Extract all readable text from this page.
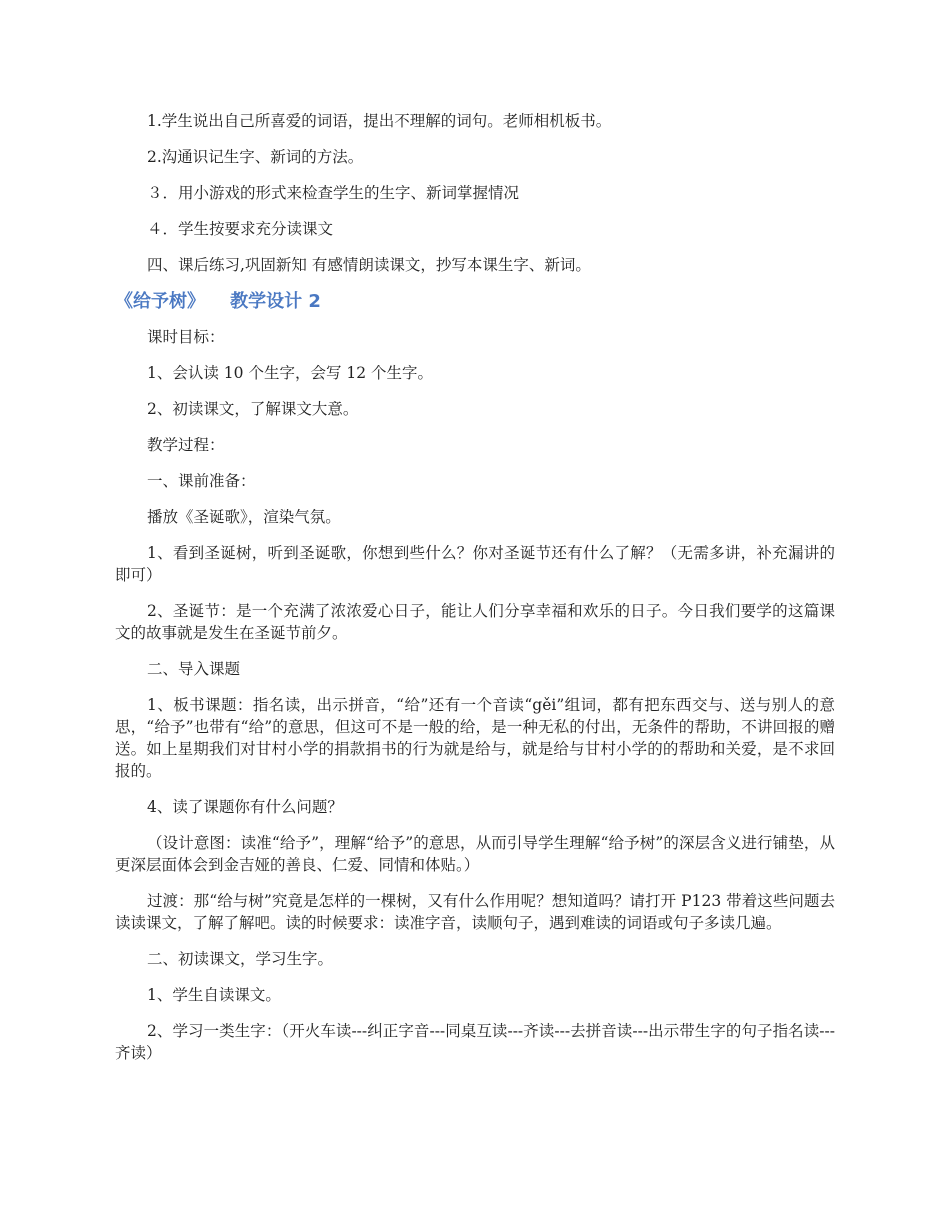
1.学生说出自己所喜爱的词语，提出不理解的词句。老师相机板书。

2.沟通识记生字、新词的方法。

３．用小游戏的形式来检查学生的生字、新词掌握情况

４．学生按要求充分读课文

四、课后练习,巩固新知 有感情朗读课文，抄写本课生字、新词。

《给予树》 教学设计 2

课时目标：

1、会认读 10 个生字，会写 12 个生字。

2、初读课文，了解课文大意。

教学过程：

一、课前准备：

播放《圣诞歌》，渲染气氛。

1、看到圣诞树，听到圣诞歌，你想到些什么？你对圣诞节还有什么了解？（无需多讲，补充漏讲的即可）

2、圣诞节：是一个充满了浓浓爱心日子，能让人们分享幸福和欢乐的日子。今日我们要学的这篇课文的故事就是发生在圣诞节前夕。

二、导入课题

1、板书课题：指名读，出示拼音，“给”还有一个音读“gěi”组词，都有把东西交与、送与别人的意思，“给予”也带有“给”的意思，但这可不是一般的给，是一种无私的付出，无条件的帮助，不讲回报的赠送。如上星期我们对甘村小学的捐款捐书的行为就是给与，就是给与甘村小学的的帮助和关爱，是不求回报的。

4、读了课题你有什么问题？

（设计意图：读准“给予”，理解“给予”的意思，从而引导学生理解“给予树”的深层含义进行铺垫，从更深层面体会到金吉娅的善良、仁爱、同情和体贴。）

过渡：那“给与树”究竟是怎样的一棵树，又有什么作用呢？想知道吗？请打开 P123 带着这些问题去读读课文，了解了解吧。读的时候要求：读准字音，读顺句子，遇到难读的词语或句子多读几遍。

二、初读课文，学习生字。

1、学生自读课文。

2、学习一类生字：（开火车读---纠正字音---同桌互读---齐读---去拼音读---出示带生字的句子指名读---齐读）
